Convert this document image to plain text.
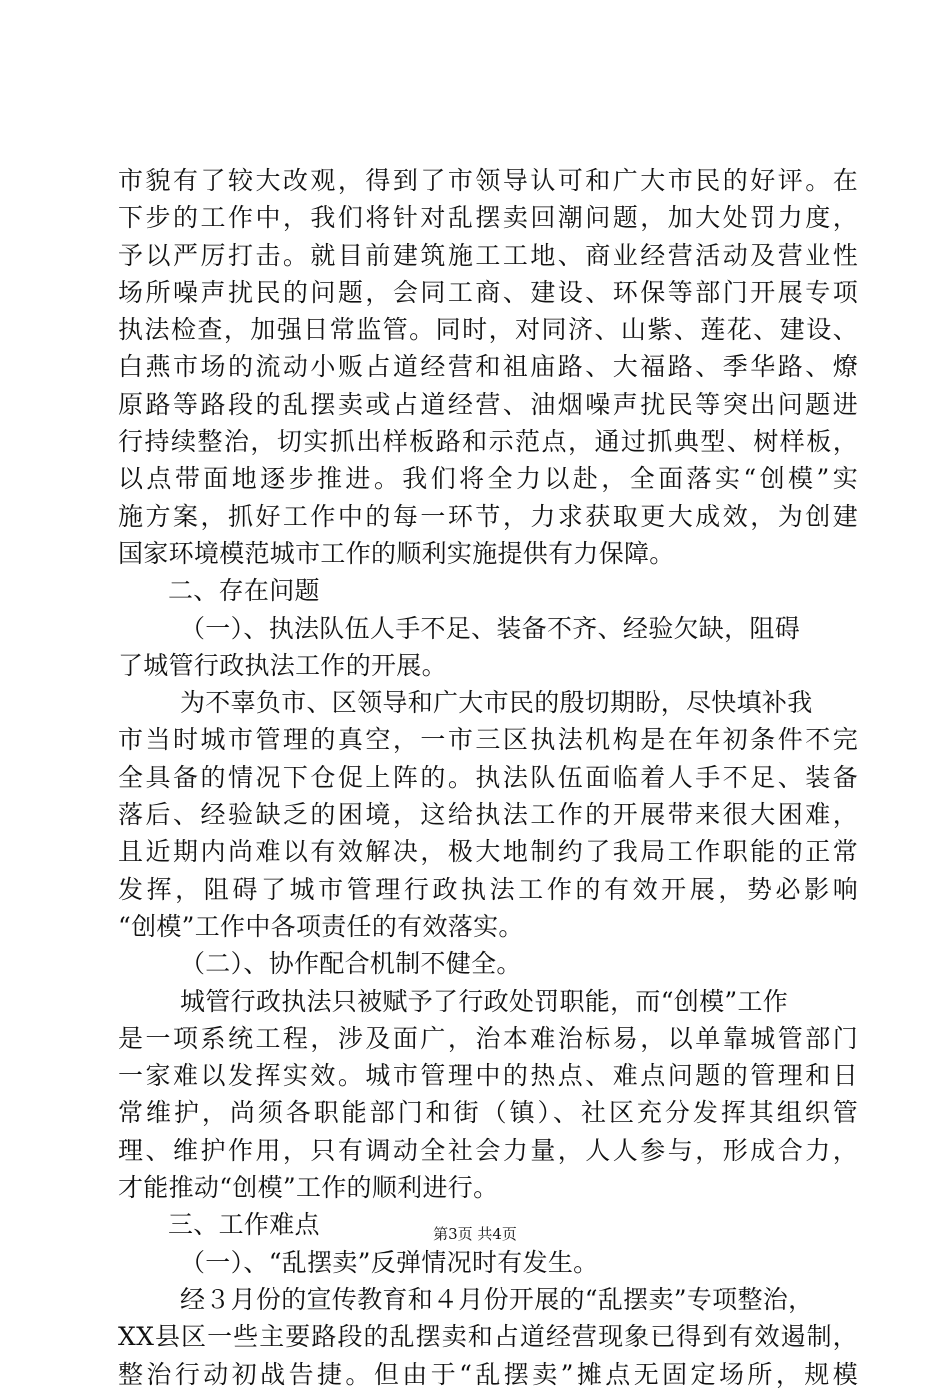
市貌有了较大改观，得到了市领导认可和广大市民的好评。在
下步的工作中，我们将针对乱摆卖回潮问题，加大处罚力度，
予以严厉打击。就目前建筑施工工地、商业经营活动及营业性
场所噪声扰民的问题，会同工商、建设、环保等部门开展专项
执法检查，加强日常监管。同时，对同济、山紫、莲花、建设、
白燕市场的流动小贩占道经营和祖庙路、大福路、季华路、燎
原路等路段的乱摆卖或占道经营、油烟噪声扰民等突出问题进
行持续整治，切实抓出样板路和示范点，通过抓典型、树样板，
以点带面地逐步推进。我们将全力以赴，全面落实“创模”实
施方案，抓好工作中的每一环节，力求获取更大成效，为创建
国家环境模范城市工作的顺利实施提供有力保障。
二、存在问题
（一）、执法队伍人手不足、装备不齐、经验欠缺，阻碍
了城管行政执法工作的开展。
为不辜负市、区领导和广大市民的殷切期盼，尽快填补我
市当时城市管理的真空，一市三区执法机构是在年初条件不完
全具备的情况下仓促上阵的。执法队伍面临着人手不足、装备
落后、经验缺乏的困境，这给执法工作的开展带来很大困难，
且近期内尚难以有效解决，极大地制约了我局工作职能的正常
发挥，阻碍了城市管理行政执法工作的有效开展，势必影响
“创模”工作中各项责任的有效落实。
（二）、协作配合机制不健全。
城管行政执法只被赋予了行政处罚职能，而“创模”工作
是一项系统工程，涉及面广，治本难治标易，以单靠城管部门
一家难以发挥实效。城市管理中的热点、难点问题的管理和日
常维护，尚须各职能部门和街（镇）、社区充分发挥其组织管
理、维护作用，只有调动全社会力量，人人参与，形成合力，
才能推动“创模”工作的顺利进行。
三、工作难点
（一）、“乱摆卖”反弹情况时有发生。
经３月份的宣传教育和４月份开展的“乱摆卖”专项整治，
XX县区一些主要路段的乱摆卖和占道经营现象已得到有效遏制，
整治行动初战告捷。但由于“乱摆卖”摊点无固定场所，规模
第3页 共4页
